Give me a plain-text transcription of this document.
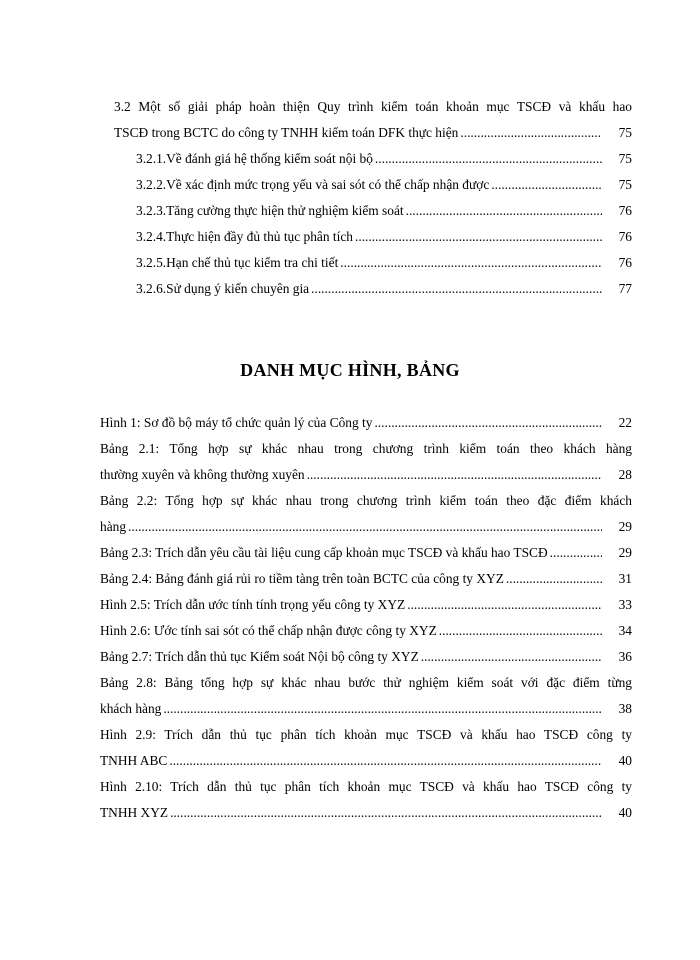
3.2 Một số giải pháp hoàn thiện Quy trình kiểm toán khoản mục TSCĐ và khấu hao
TSCĐ trong BCTC do công ty TNHH kiểm toán DFK thực hiện .....	75
3.2.1.Về đánh giá hệ thống kiểm soát nội bộ .....	75
3.2.2.Về xác định mức trọng yếu và sai sót có thể chấp nhận được .....	75
3.2.3.Tăng cường thực hiện thử nghiệm kiểm soát .....	76
3.2.4.Thực hiện đầy đủ thủ tục phân tích .....	76
3.2.5.Hạn chế thủ tục kiểm tra chi tiết .....	76
3.2.6.Sử dụng ý kiến chuyên gia .....	77
DANH MỤC HÌNH, BẢNG
Hình 1: Sơ đồ bộ máy tổ chức quản lý của Công ty .....	22
Bảng 2.1: Tổng hợp sự khác nhau trong chương trình kiểm toán theo khách hàng
thường xuyên và không thường xuyên .....	28
Bảng 2.2: Tổng hợp sự khác nhau trong chương trình kiểm toán theo đặc điểm khách
hàng .....	29
Bảng 2.3: Trích dẫn yêu cầu tài liệu cung cấp khoản mục TSCĐ và khấu hao TSCĐ .....	29
Bảng 2.4: Bảng đánh giá rủi ro tiềm tàng trên toàn BCTC của công ty XYZ .....	31
Hình 2.5: Trích dẫn ước tính tính trọng yếu công ty XYZ .....	33
Hình 2.6: Ước tính sai sót có thể chấp nhận được công ty XYZ .....	34
Bảng 2.7: Trích dẫn thủ tục Kiểm soát Nội bộ công ty XYZ .....	36
Bảng 2.8: Bảng tổng hợp sự khác nhau bước thử nghiệm kiểm soát với đặc điểm từng
khách hàng .....	38
Hình 2.9: Trích dẫn thủ tục phân tích khoản mục TSCĐ và khấu hao TSCĐ công ty
TNHH ABC .....	40
Hình 2.10: Trích dẫn thủ tục phân tích khoản mục TSCĐ và khấu hao TSCĐ công ty
TNHH XYZ .....	40
